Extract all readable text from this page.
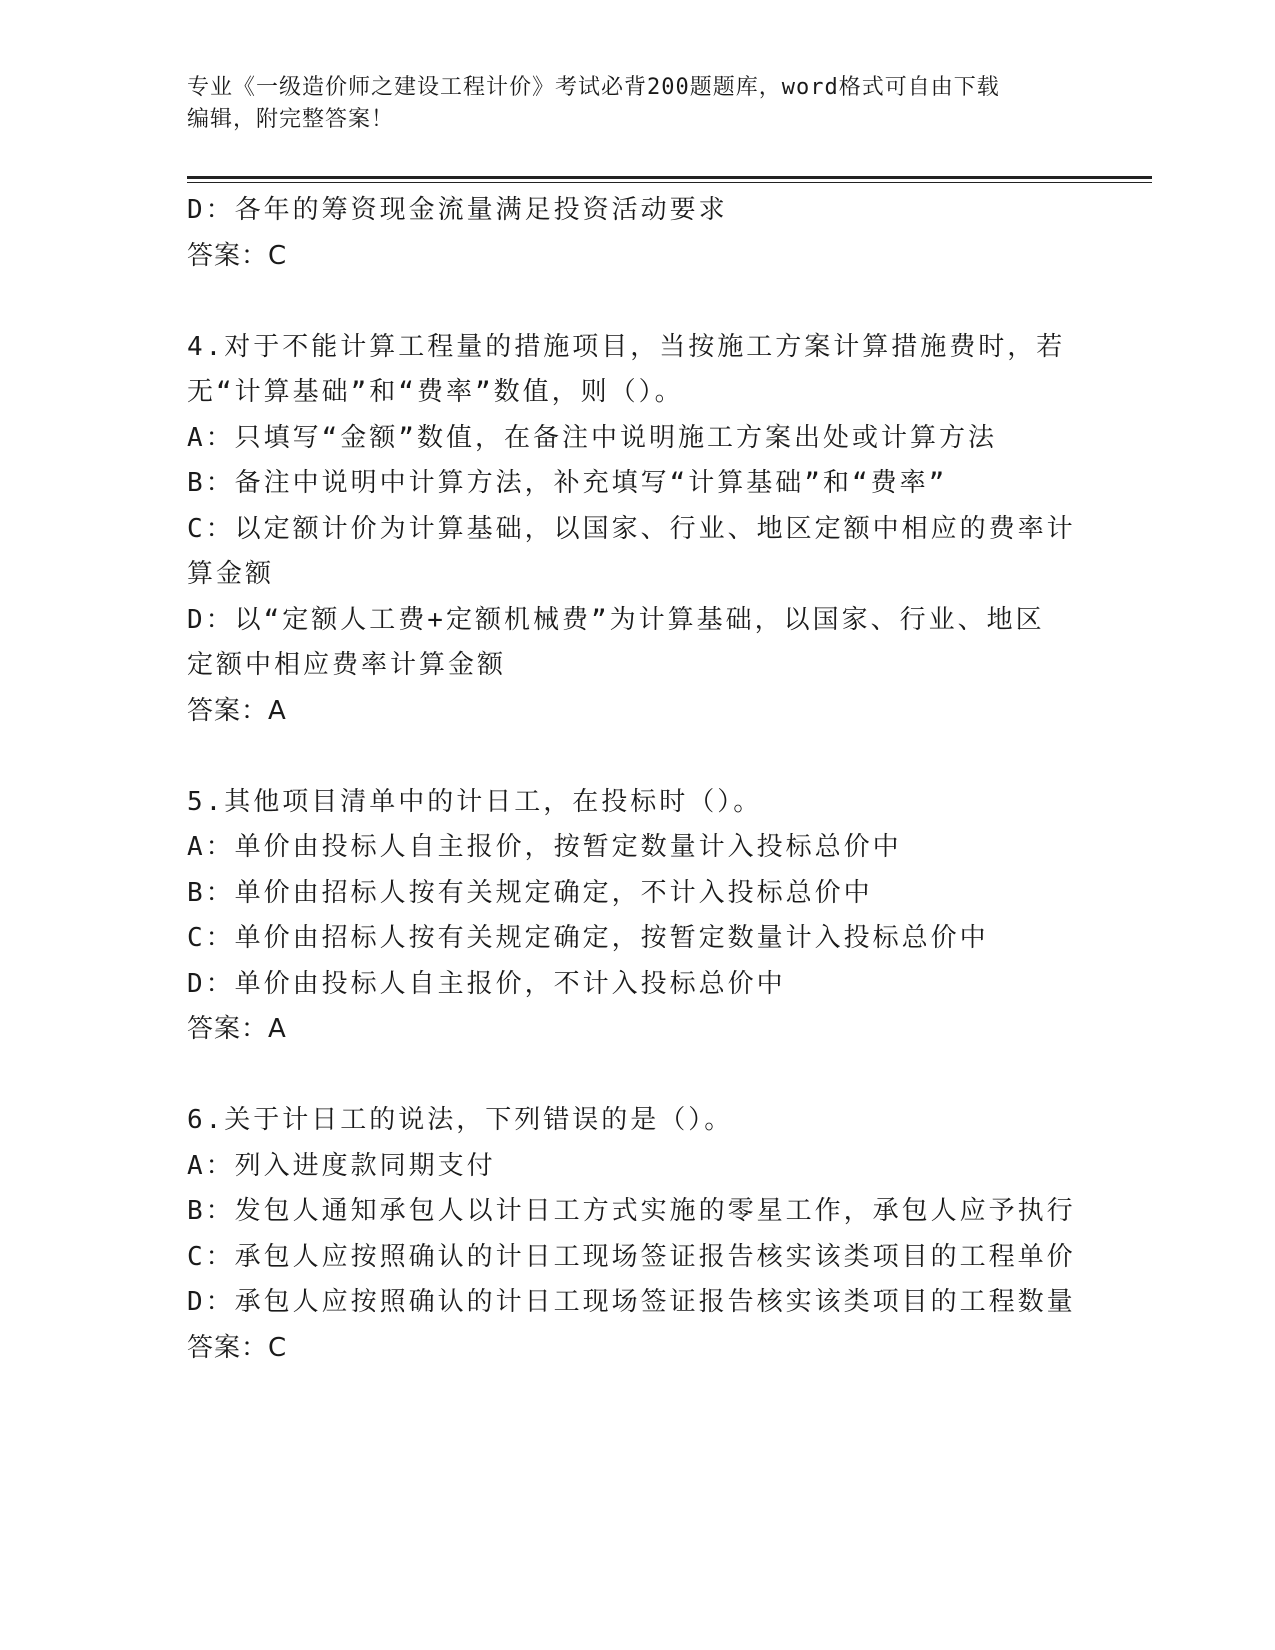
专业《一级造价师之建设工程计价》考试必背200题题库，word格式可自由下载
编辑，附完整答案！
D：各年的筹资现金流量满足投资活动要求
答案：C
4.对于不能计算工程量的措施项目，当按施工方案计算措施费时，若
无“计算基础”和“费率”数值，则（）。
A：只填写“金额”数值，在备注中说明施工方案出处或计算方法
B：备注中说明中计算方法，补充填写“计算基础”和“费率”
C：以定额计价为计算基础，以国家、行业、地区定额中相应的费率计
算金额
D：以“定额人工费+定额机械费”为计算基础，以国家、行业、地区
定额中相应费率计算金额
答案：A
5.其他项目清单中的计日工，在投标时（）。
A：单价由投标人自主报价，按暂定数量计入投标总价中
B：单价由招标人按有关规定确定，不计入投标总价中
C：单价由招标人按有关规定确定，按暂定数量计入投标总价中
D：单价由投标人自主报价，不计入投标总价中
答案：A
6.关于计日工的说法，下列错误的是（）。
A：列入进度款同期支付
B：发包人通知承包人以计日工方式实施的零星工作，承包人应予执行
C：承包人应按照确认的计日工现场签证报告核实该类项目的工程单价
D：承包人应按照确认的计日工现场签证报告核实该类项目的工程数量
答案：C
